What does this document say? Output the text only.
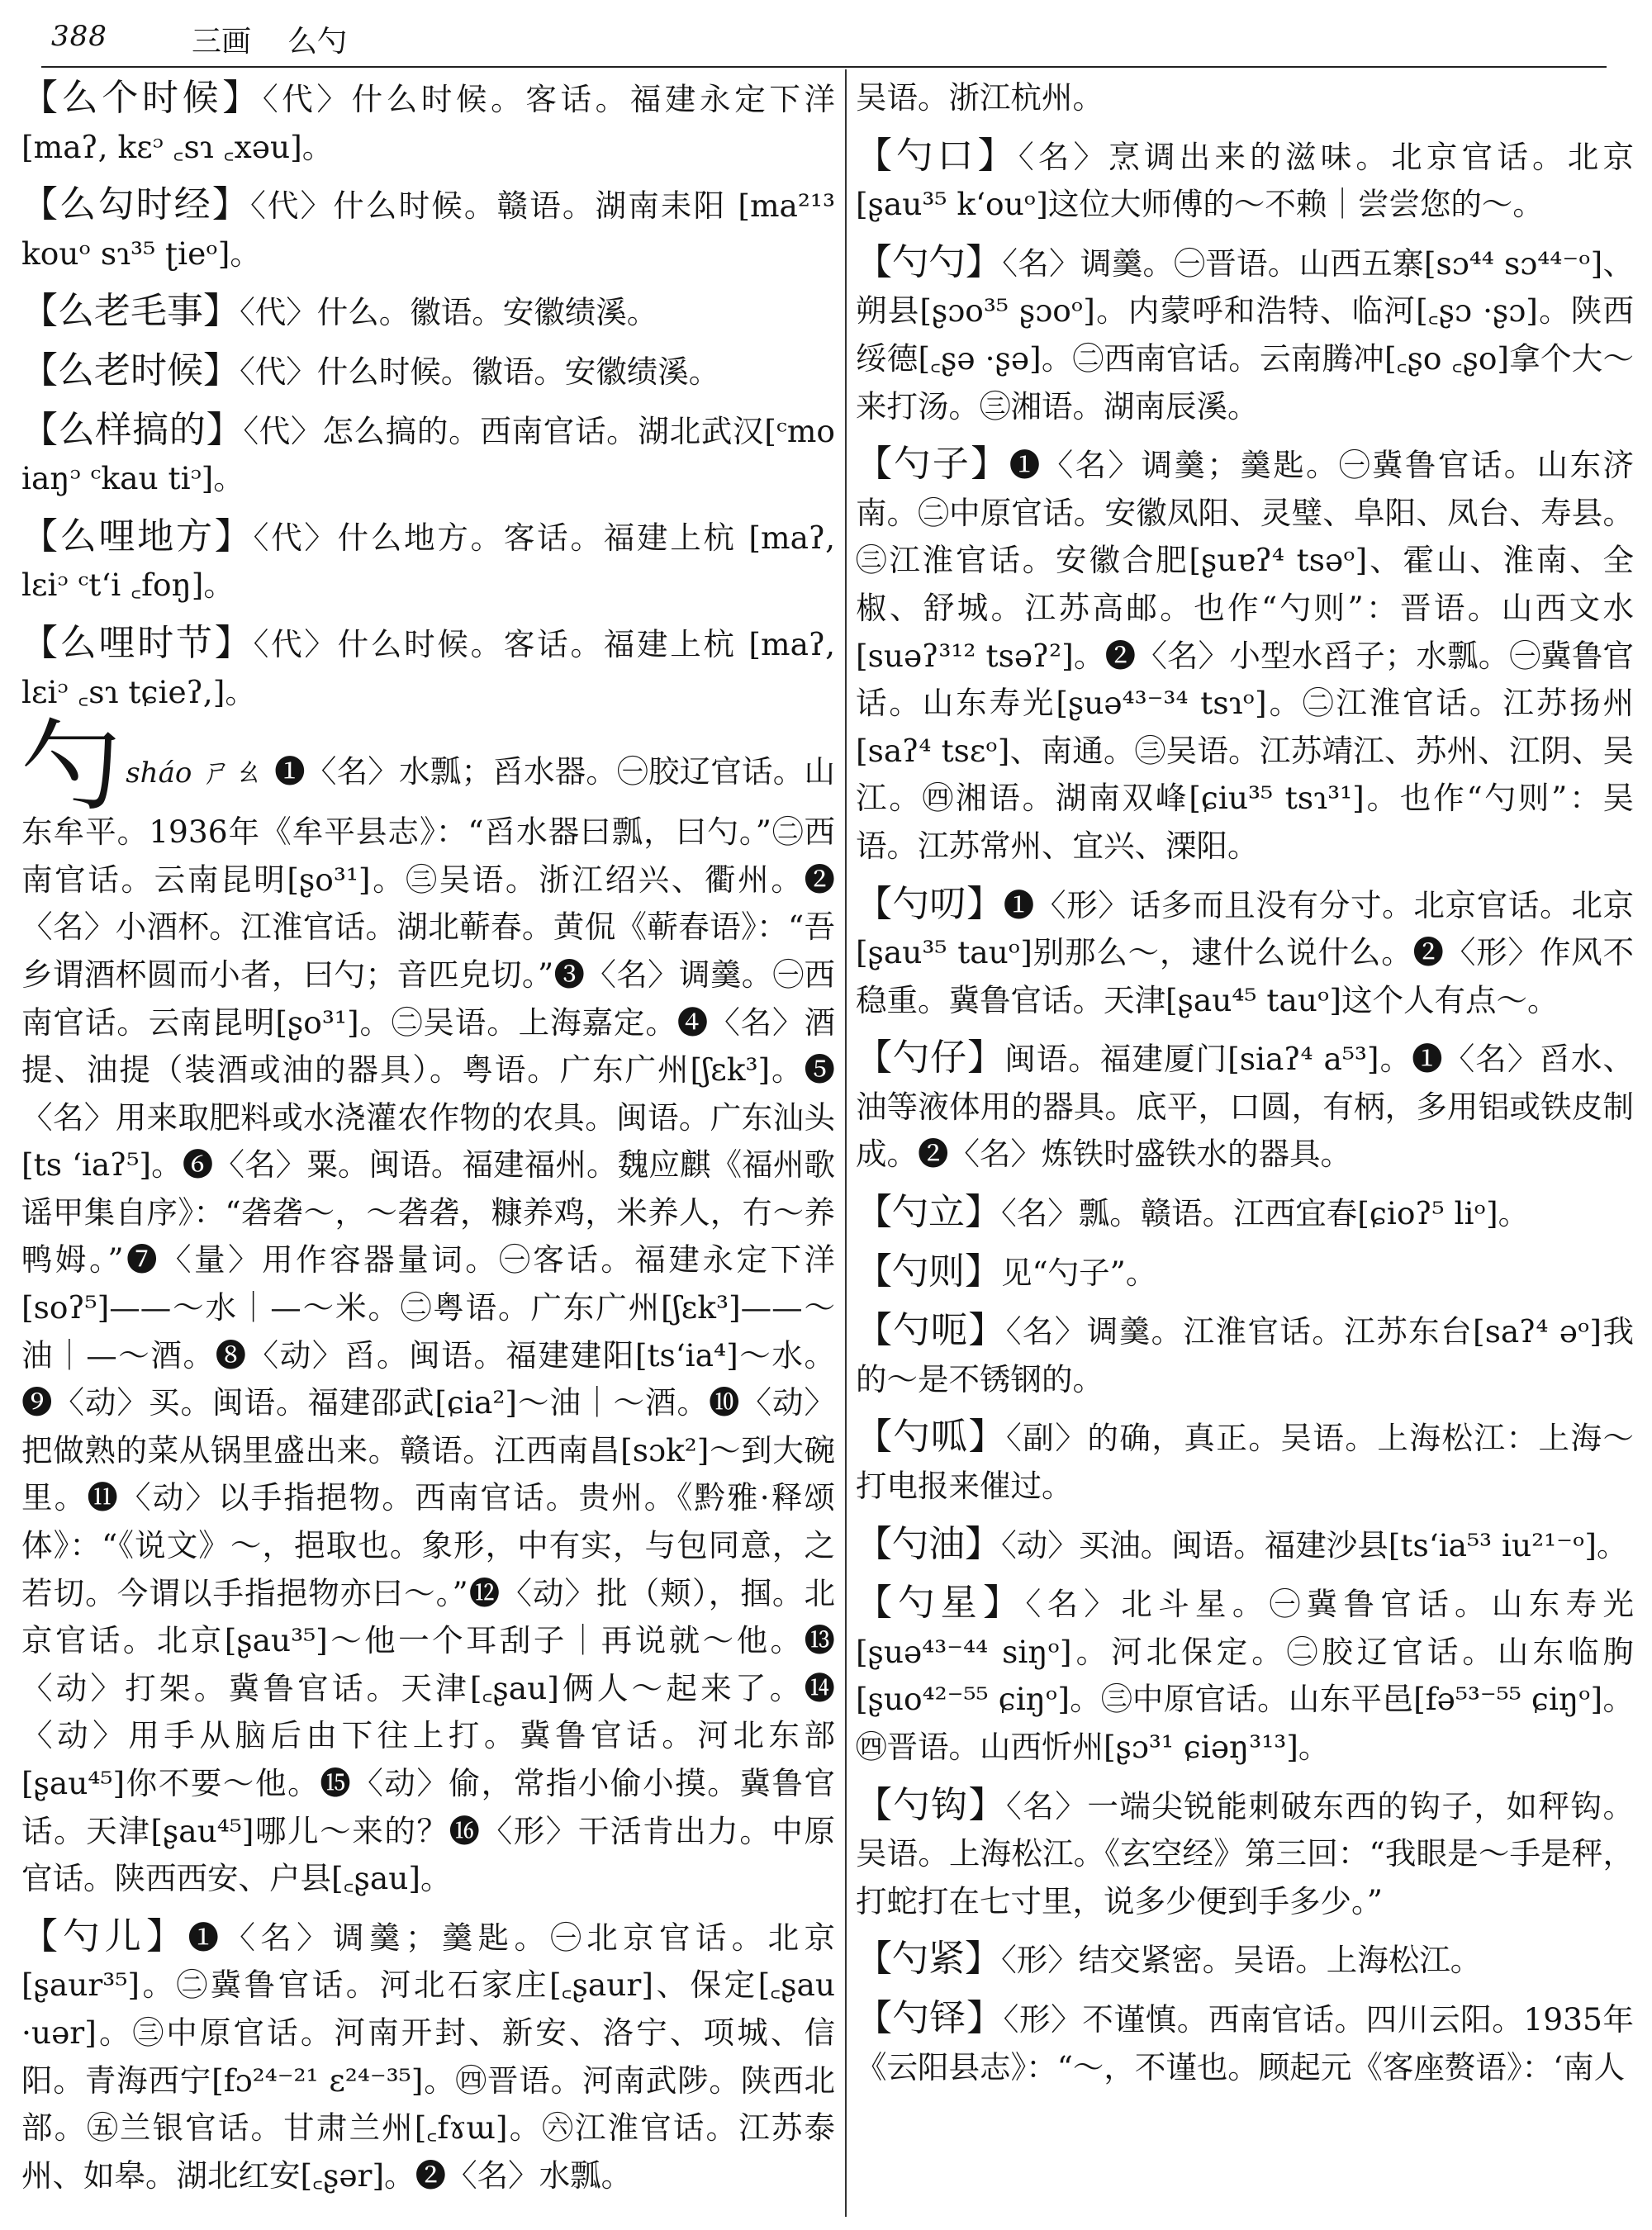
388	三画 么勺

【么个时候】〈代〉什么时候。客话。福建永定下洋[maʔ, kɛᵓ ꜀sɿ ꜀xəu]。

【么勾时经】〈代〉什么时候。赣语。湖南耒阳 [ma²¹³ kouᵒ sɿ³⁵ ʈieᵒ]。

【么老毛事】〈代〉什么。徽语。安徽绩溪。

【么老时候】〈代〉什么时候。徽语。安徽绩溪。

【么样搞的】〈代〉怎么搞的。西南官话。湖北武汉[ᶜmo iaŋᵓ ᶜkau tiᵓ]。

【么哩地方】〈代〉什么地方。客话。福建上杭 [maʔ, lɛiᵓ ᶜtʻi ꜀foŋ]。

【么哩时节】〈代〉什么时候。客话。福建上杭 [maʔ, lɛiᵓ ꜀sɿ tɕieʔ,]。

勺sháo ㄕㄠ ❶〈名〉水瓢；舀水器。㊀胶辽官话。山东牟平。1936年《牟平县志》：“舀水器曰瓢，曰勺。”㊁西南官话。云南昆明[ʂo³¹]。㊂吴语。浙江绍兴、衢州。❷〈名〉小酒杯。江淮官话。湖北蕲春。黄侃《蕲春语》：“吾乡谓酒杯圆而小者，曰勺；音匹皃切。”❸〈名〉调羹。㊀西南官话。云南昆明[ʂo³¹]。㊁吴语。上海嘉定。❹〈名〉酒提、油提（装酒或油的器具）。粤语。广东广州[ʃɛk³]。❺〈名〉用来取肥料或水浇灌农作物的农具。闽语。广东汕头[ts ʻiaʔ⁵]。❻〈名〉粟。闽语。福建福州。魏应麒《福州歌谣甲集自序》：“砻砻～，～砻砻，糠养鸡，米养人，冇～养鸭姆。”❼〈量〉用作容器量词。㊀客话。福建永定下洋[soʔ⁵]——～水｜—～米。㊁粤语。广东广州[ʃɛk³]——～油｜—～酒。❽〈动〉舀。闽语。福建建阳[tsʻia⁴]～水。❾〈动〉买。闽语。福建邵武[ɕia²]～油｜～酒。❿〈动〉把做熟的菜从锅里盛出来。赣语。江西南昌[sɔk²]～到大碗里。⓫〈动〉以手指挹物。西南官话。贵州。《黔雅·释颂体》：“《说文》～，挹取也。象形，中有实，与包同意，之若切。今谓以手指挹物亦曰～。”⓬〈动〉批（颊），掴。北京官话。北京[ʂau³⁵]～他一个耳刮子｜再说就～他。⓭〈动〉打架。冀鲁官话。天津[꜀ʂau]俩人～起来了。⓮〈动〉用手从脑后由下往上打。冀鲁官话。河北东部[ʂau⁴⁵]你不要～他。⓯〈动〉偷，常指小偷小摸。冀鲁官话。天津[ʂau⁴⁵]哪儿～来的？⓰〈形〉干活肯出力。中原官话。陕西西安、户县[꜀ʂau]。

【勺儿】❶〈名〉调羹；羹匙。㊀北京官话。北京[ʂaur³⁵]。㊁冀鲁官话。河北石家庄[꜀ʂaur]、保定[꜀ʂau ·uər]。㊂中原官话。河南开封、新安、洛宁、项城、信阳。青海西宁[fɔ²⁴⁻²¹ ɛ²⁴⁻³⁵]。㊃晋语。河南武陟。陕西北部。㊄兰银官话。甘肃兰州[꜀fɤɯ]。㊅江淮官话。江苏泰州、如皋。湖北红安[꜀ʂər]。❷〈名〉水瓢。

吴语。浙江杭州。

【勺口】〈名〉烹调出来的滋味。北京官话。北京[ʂau³⁵ kʻouᵒ]这位大师傅的～不赖｜尝尝您的～。

【勺勺】〈名〉调羹。㊀晋语。山西五寨[sɔ⁴⁴ sɔ⁴⁴⁻ᵒ]、朔县[ʂɔo³⁵ ʂɔoᵒ]。内蒙呼和浩特、临河[꜀ʂɔ ·ʂɔ]。陕西绥德[꜀ʂə ·ʂə]。㊁西南官话。云南腾冲[꜀ʂo ꜀ʂo]拿个大～来打汤。㊂湘语。湖南辰溪。

【勺子】❶〈名〉调羹；羹匙。㊀冀鲁官话。山东济南。㊁中原官话。安徽凤阳、灵璧、阜阳、凤台、寿县。㊂江淮官话。安徽合肥[ʂuɐʔ⁴ tsəᵒ]、霍山、淮南、全椒、舒城。江苏高邮。也作“勺则”：晋语。山西文水[suəʔ³¹² tsəʔ²]。❷〈名〉小型水舀子；水瓢。㊀冀鲁官话。山东寿光[ʂuə⁴³⁻³⁴ tsɿᵒ]。㊁江淮官话。江苏扬州[saʔ⁴ tsɛᵒ]、南通。㊂吴语。江苏靖江、苏州、江阴、吴江。㊃湘语。湖南双峰[ɕiu³⁵ tsɿ³¹]。也作“勺则”：吴语。江苏常州、宜兴、溧阳。

【勺叨】❶〈形〉话多而且没有分寸。北京官话。北京[ʂau³⁵ tauᵒ]别那么～，逮什么说什么。❷〈形〉作风不稳重。冀鲁官话。天津[ʂau⁴⁵ tauᵒ]这个人有点～。

【勺仔】闽语。福建厦门[siaʔ⁴ a⁵³]。❶〈名〉舀水、油等液体用的器具。底平，口圆，有柄，多用铝或铁皮制成。❷〈名〉炼铁时盛铁水的器具。

【勺立】〈名〉瓢。赣语。江西宜春[ɕioʔ⁵ liᵒ]。

【勺则】见“勺子”。

【勺呃】〈名〉调羹。江淮官话。江苏东台[saʔ⁴ əᵒ]我的～是不锈钢的。

【勺呱】〈副〉的确，真正。吴语。上海松江：上海～打电报来催过。

【勺油】〈动〉买油。闽语。福建沙县[tsʻia⁵³ iu²¹⁻ᵒ]。

【勺星】〈名〉北斗星。㊀冀鲁官话。山东寿光[ʂuə⁴³⁻⁴⁴ siŋᵒ]。河北保定。㊁胶辽官话。山东临朐[ʂuo⁴²⁻⁵⁵ ɕiŋᵒ]。㊂中原官话。山东平邑[fə⁵³⁻⁵⁵ ɕiŋᵒ]。㊃晋语。山西忻州[ʂɔ³¹ ɕiəŋ³¹³]。

【勺钩】〈名〉一端尖锐能刺破东西的钩子，如秤钩。吴语。上海松江。《玄空经》第三回：“我眼是～手是秤，打蛇打在七寸里，说多少便到手多少。”

【勺紧】〈形〉结交紧密。吴语。上海松江。

【勺铎】〈形〉不谨慎。西南官话。四川云阳。1935年《云阳县志》：“～，不谨也。顾起元《客座赘语》：‘南人
